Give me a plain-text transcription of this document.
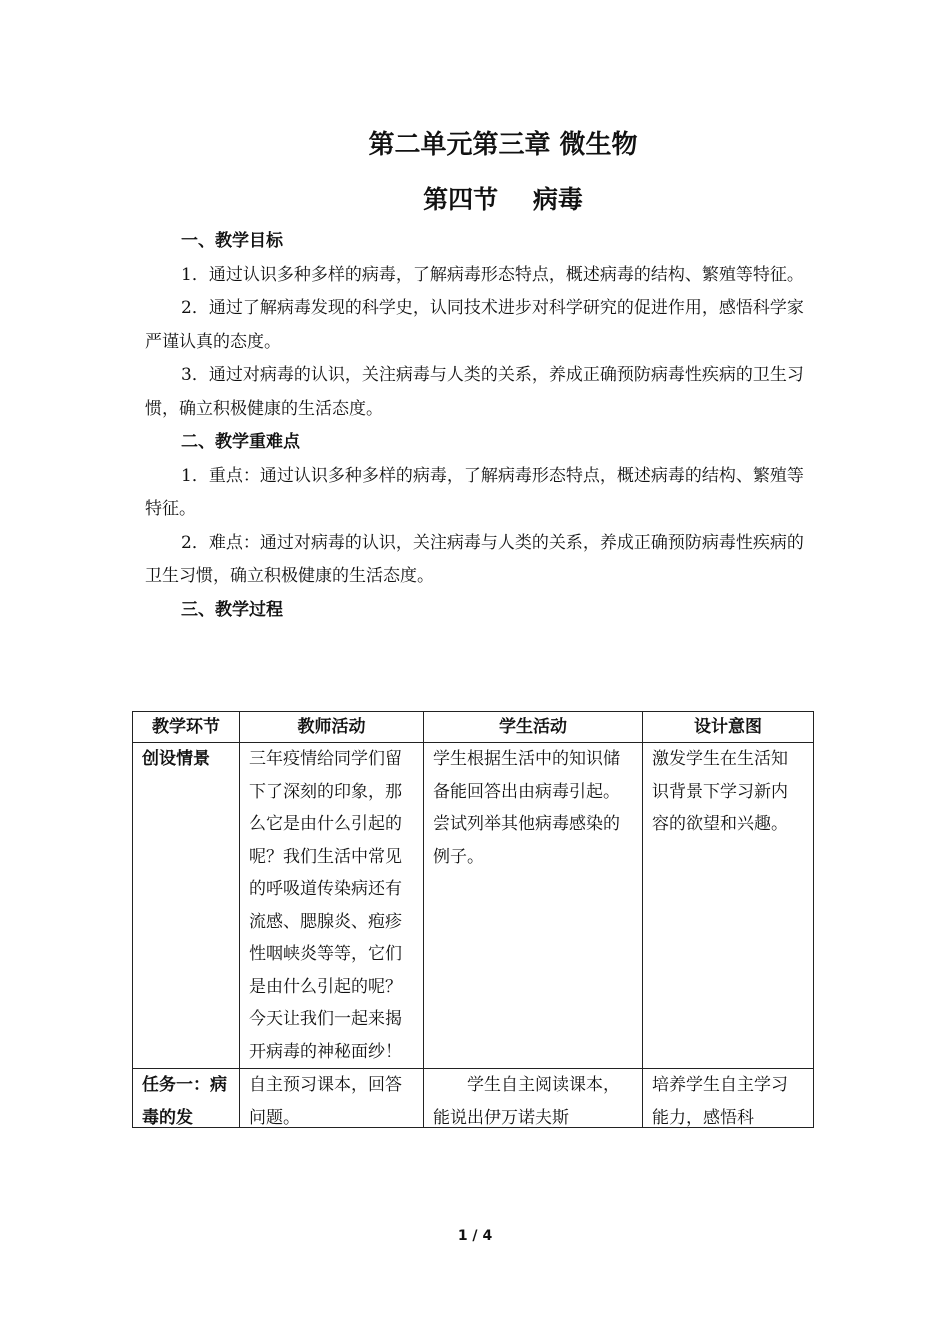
第二单元第三章 微生物
第四节    病毒
一、教学目标

1．通过认识多种多样的病毒，了解病毒形态特点，概述病毒的结构、繁殖等特征。

2．通过了解病毒发现的科学史，认同技术进步对科学研究的促进作用，感悟科学家严谨认真的态度。

3．通过对病毒的认识，关注病毒与人类的关系，养成正确预防病毒性疾病的卫生习惯，确立积极健康的生活态度。

二、教学重难点

1．重点：通过认识多种多样的病毒，了解病毒形态特点，概述病毒的结构、繁殖等特征。

2．难点：通过对病毒的认识，关注病毒与人类的关系，养成正确预防病毒性疾病的卫生习惯，确立积极健康的生活态度。

三、教学过程
教学环节	教师活动	学生活动	设计意图
创设情景	三年疫情给同学们留下了深刻的印象，那么它是由什么引起的呢？我们生活中常见的呼吸道传染病还有流感、腮腺炎、疱疹性咽峡炎等等，它们是由什么引起的呢？今天让我们一起来揭开病毒的神秘面纱！	学生根据生活中的知识储备能回答出由病毒引起。尝试列举其他病毒感染的例子。	激发学生在生活知识背景下学习新内容的欲望和兴趣。

任务一：病毒的发	自主预习课本，回答问题。	学生自主阅读课本，能说出伊万诺夫斯	培养学生自主学习能力，感悟科
1 / 4
